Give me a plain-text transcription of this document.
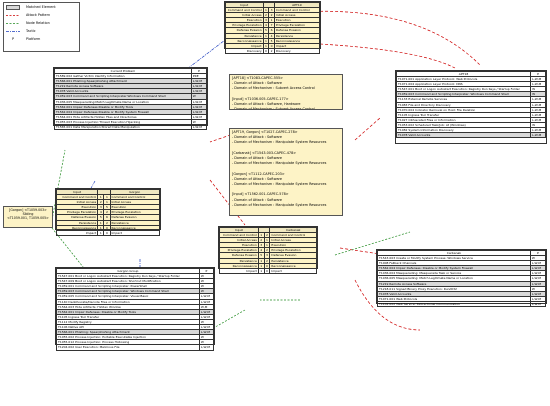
Matched Element
Attack Pattern
Node Relation
Tactic
P	Platform
Input			APT19
Command and Control	1	3	Command and Control
Initial Access	2	2	Initial Access
Execution	3	1	Execution
Privilege Escalation	4	7	Privilege Escalation
Defense Evasion	5	6	Defense Evasion
Persistence	1	4	Persistence
Reconnaissance	1	5	Reconnaissance
Impact	1	0	Impact
Discovery	0	2	Discovery
Current Problem	P
T1589.002 Gather Victim Identity Information	PRE
T1566.001 Phishing:Spearphishing Attachment	L,W,M
T1219 Remote Access Software	L,W,M
T1078 Valid Accounts	L,W,M
T1059.003 Command and Scripting Interpreter:Windows Command Shell	W
T1036.005 Masquerading:Match Legitimate Name or Location	L,W,M
T1562.001 Impair Defenses:Disable or Modify Tools	L,W,M
T1562.004 Impair Defenses:Disable or Modify System Firewall	L,W,M
T1564.001 Hide Artifacts:Hidden Files and Directories	L,W,M
T1055.003 Process Injection:Thread Execution Hijacking	W
T1565.001 Data Manipulation:Stored Data Manipulation	L,W,M
APT18	P
T1071.001 Application Layer Protocol: Web Protocols	L,W,M
T1071.004 Application Layer Protocol: DNS	L,W,M
T1547.001 Boot or Logon Autostart Execution: Registry Run Keys / Startup Folder	W
T1059.003 Command and Scripting Interpreter: Windows Command Shell	W
T1133 External Remote Services	L,W,M
T1083 File and Directory Discovery	L,W,M
T1070.004 Indicator Removal on Host: File Deletion	L,W,M
T1105 Ingress Tool Transfer	L,W,M
T1027 Obfuscated Files or Information	L,W,M
T1053.002 Scheduled Task/Job: At (Windows)	W
T1082 System Information Discovery	L,W,M
T1078 Valid Accounts	L,W,M
[APT18] <T1083-CAPEC-555>
- Domain of Attack : Software
- Domain of Mechanism : Subvert Access Control

[Input] <T1036.005-CAPEC-177>
- Domain of Attack : Software, Hardware
- Domain of Mechanism : Subvert Access Control
[APT19, Gorgon] <T1027-CAPEC-278>
- Domain of Attack : Software
- Domain of Mechanism : Manipulate System Resources

[Carbanak] <T1543.003-CAPEC-478>
- Domain of Attack : Software
- Domain of Mechanism : Manipulate System Resources

[Gorgon] <T1112-CAPEC-203>
- Domain of Attack : Software
- Domain of Mechanism : Manipulate System Resources

[Input] <T1562.001-CAPEC-578>
- Domain of Attack : Software
- Domain of Mechanism : Manipulate System Resources
[Gorgon] <T1059.003>
Sibling
<T1059.001, T1059.005>
Input			Gorgon
Command and Control	1	1	Command and Control
Initial Access	2	1	Initial Access
Execution	3	5	Execution
Privilege Escalation	4	2	Privilege Escalation
Defense Evasion	5	6	Defense Evasion
Persistence	1	2	Persistence
Reconnaissance	1	0	Reconnaissance
Impact	1	0	Impact
Gorgon Group	P
T1547.001 Boot or Logon Autostart Execution: Registry Run Keys / Startup Folder	W
T1547.009 Boot or Logon Autostart Execution: Shortcut Modification	W
T1059.001 Command and Scripting Interpreter: PowerShell	W
T1059.003 Command and Scripting Interpreter: Windows Command Shell	W
T1059.005 Command and Scripting Interpreter: Visual Basic	L,W,M
T1140 Deobfuscate/Decode Files or Information	L,W,M
T1564.003 Hide Artifacts: Hidden Window	W,M
T1562.001 Impair Defenses: Disable or Modify Tools	L,W,M
T1105 Ingress Tool Transfer	L,W,M
T1112 Modify Registry	W
T1106 Native API	L,W,M
T1566.001 Phishing: Spearphishing Attachment	L,W,M
T1055.002 Process Injection: Portable Executable Injection	W
T1055.012 Process Injection: Process Hollowing	W
T1204.002 User Execution: Malicious File	L,W,M
Input			Carbanak
Command and Control	1	2	Command and Control
Initial Access	2	1	Initial Access
Execution	3	1	Execution
Privilege Escalation	4	2	Privilege Escalation
Defense Evasion	5	3	Defense Evasion
Persistence	1	2	Persistence
Reconnaissance	1	0	Reconnaissance
Impact	1	0	Impact
Carbanak	P
T1543.003 Create or Modify System Process: Windows Service	W
T1008 Fallback Channels	L,W,M
T1562.004 Impair Defenses: Disable or Modify System Firewall	L,W,M
T1036.004 Masquerading: Masquerade Task or Service	L,W,M
T1036.005 Masquerading: Match Legitimate Name or Location	L,W,M
T1219 Remote Access Software	L,W,M
T1218.011 Signed Binary Proxy Execution: Rundll32	W
T1078 Valid Accounts	L,W,M
T1071.001 Web Protocols	L,W,M
T1102.002 Web Service: Bidirectional Communication	L,W,M
